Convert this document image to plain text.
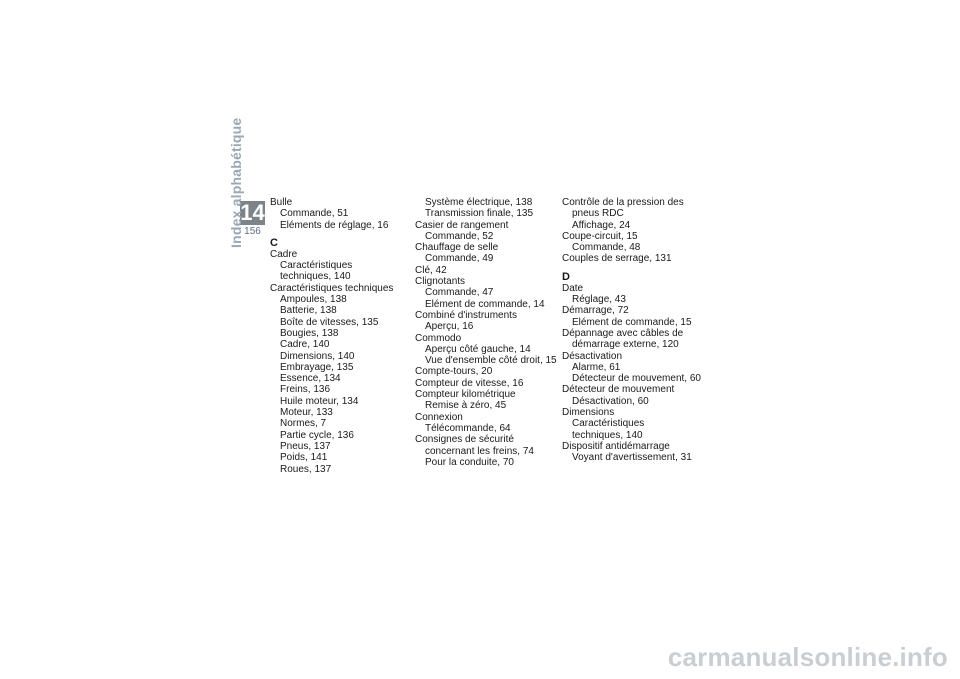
14
156
Index alphabétique	Bulle
Commande, 51
Eléments de réglage, 16
C
Cadre
Caractéristiques
techniques, 140
Caractéristiques techniques
Ampoules, 138
Batterie, 138
Boîte de vitesses, 135
Bougies, 138
Cadre, 140
Dimensions, 140
Embrayage, 135
Essence, 134
Freins, 136
Huile moteur, 134
Moteur, 133
Normes, 7
Partie cycle, 136
Pneus, 137
Poids, 141
Roues, 137
Système électrique, 138
Transmission finale, 135
Casier de rangement
Commande, 52
Chauffage de selle
Commande, 49
Clé, 42
Clignotants
Commande, 47
Elément de commande, 14
Combiné d'instruments
Aperçu, 16
Commodo
Aperçu côté gauche, 14
Vue d'ensemble côté droit, 15
Compte-tours, 20
Compteur de vitesse, 16
Compteur kilométrique
Remise à zéro, 45
Connexion
Télécommande, 64
Consignes de sécurité
concernant les freins, 74
Pour la conduite, 70
Contrôle de la pression des
pneus RDC
Affichage, 24
Coupe-circuit, 15
Commande, 48
Couples de serrage, 131
D
Date
Réglage, 43
Démarrage, 72
Elément de commande, 15
Dépannage avec câbles de
démarrage externe, 120
Désactivation
Alarme, 61
Détecteur de mouvement, 60
Détecteur de mouvement
Désactivation, 60
Dimensions
Caractéristiques
techniques, 140
Dispositif antidémarrage
Voyant d'avertissement, 31
carmanualsonline.info
